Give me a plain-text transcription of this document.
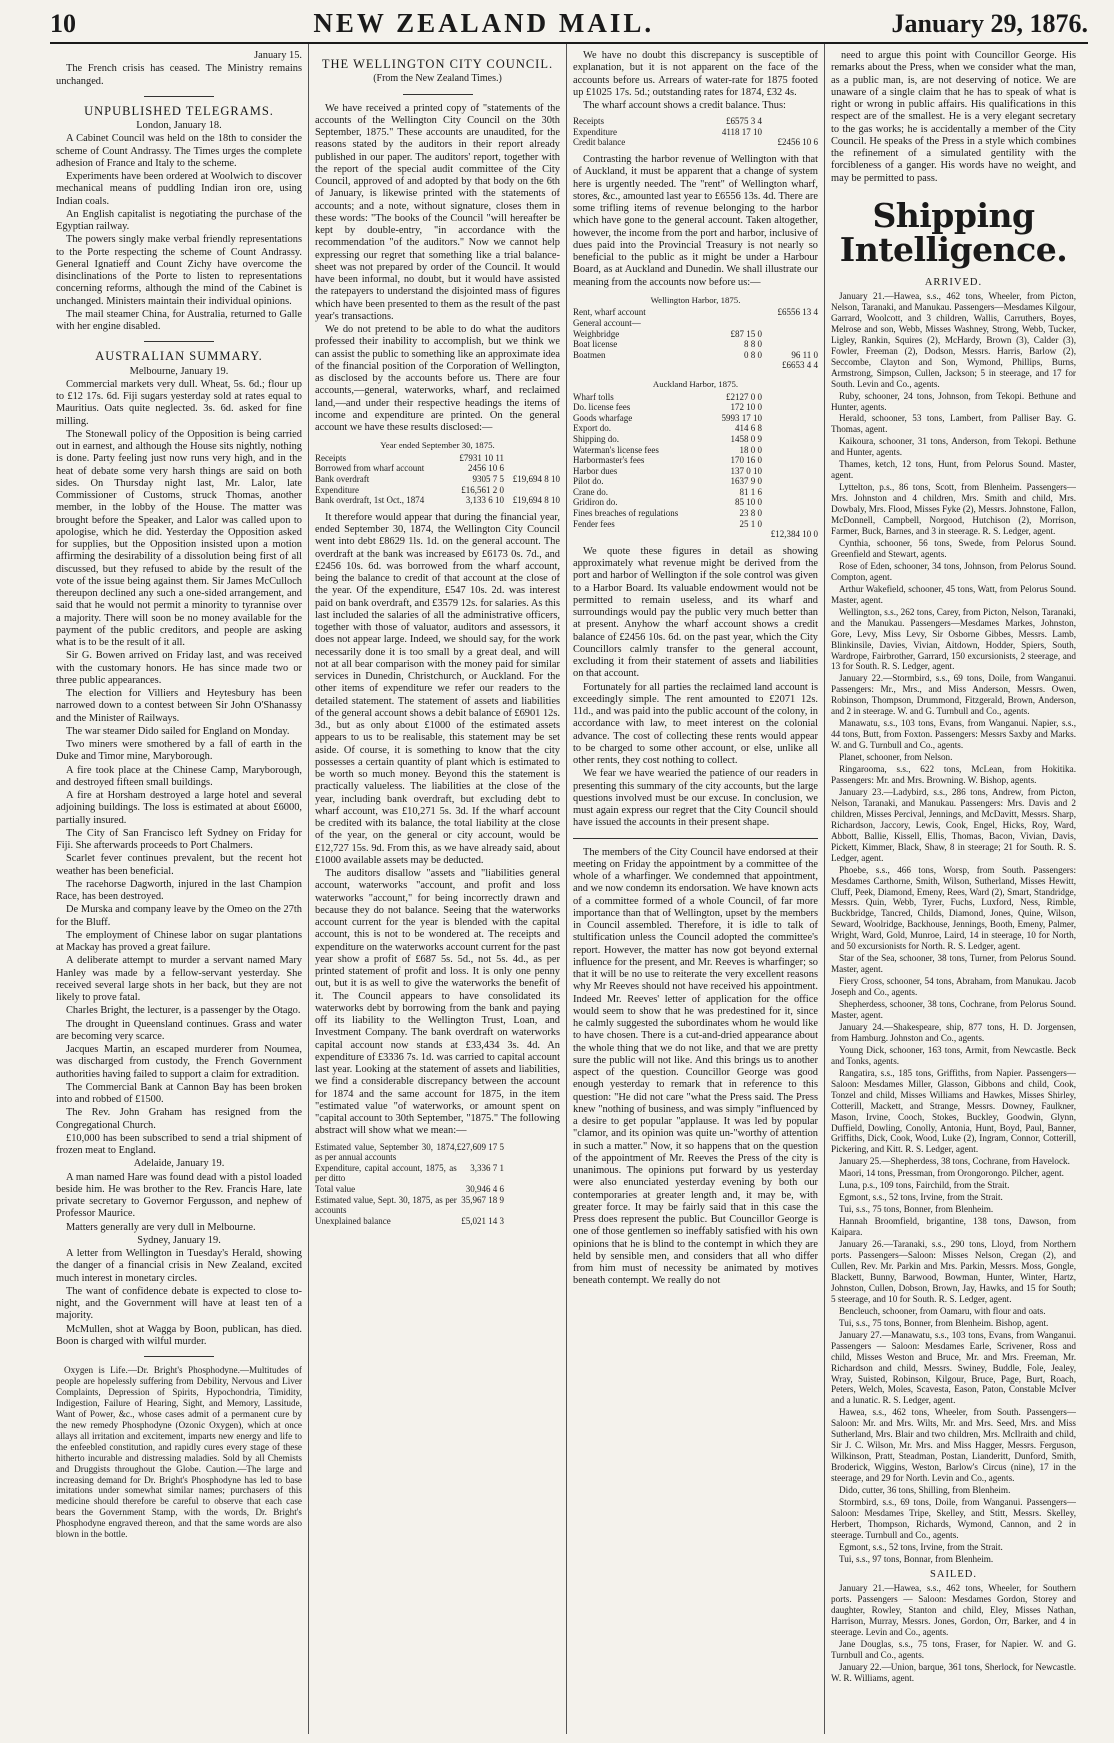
10	NEW ZEALAND MAIL.	January 29, 1876.

January 15.

The French crisis has ceased. The Ministry remains unchanged.

UNPUBLISHED TELEGRAMS.

London, January 18.

A Cabinet Council was held on the 18th to consider the scheme of Count Andrassy. The Times urges the complete adhesion of France and Italy to the scheme.

Experiments have been ordered at Woolwich to discover mechanical means of puddling Indian iron ore, using Indian coals.

An English capitalist is negotiating the purchase of the Egyptian railway.

The powers singly make verbal friendly representations to the Porte respecting the scheme of Count Andrassy. General Ignatieff and Count Zichy have overcome the disinclinations of the Porte to listen to representations concerning reforms, although the mind of the Cabinet is unchanged. Ministers maintain their individual opinions.

The mail steamer China, for Australia, returned to Galle with her engine disabled.

AUSTRALIAN SUMMARY.

Melbourne, January 19.

Commercial markets very dull. Wheat, 5s. 6d.; flour up to £12 17s. 6d. Fiji sugars yesterday sold at rates equal to Mauritius. Oats quite neglected. 3s. 6d. asked for fine milling.

The Stonewall policy of the Opposition is being carried out in earnest, and although the House sits nightly, nothing is done. Party feeling just now runs very high, and in the heat of debate some very harsh things are said on both sides. On Thursday night last, Mr. Lalor, late Commissioner of Customs, struck Thomas, another member, in the lobby of the House. The matter was brought before the Speaker, and Lalor was called upon to apologise, which he did. Yesterday the Opposition asked for supplies, but the Opposition insisted upon a motion affirming the desirability of a dissolution being first of all discussed, but they refused to abide by the result of the vote of the issue being against them. Sir James McCulloch thereupon declined any such a one-sided arrangement, and said that he would not permit a minority to tyrannise over a majority. There will soon be no money available for the payment of the public creditors, and people are asking what is to be the result of it all.

Sir G. Bowen arrived on Friday last, and was received with the customary honors. He has since made two or three public appearances.

The election for Villiers and Heytesbury has been narrowed down to a contest between Sir John O'Shanassy and the Minister of Railways.

The war steamer Dido sailed for England on Monday.

Two miners were smothered by a fall of earth in the Duke and Timor mine, Maryborough.

A fire took place at the Chinese Camp, Maryborough, and destroyed fifteen small buildings.

A fire at Horsham destroyed a large hotel and several adjoining buildings. The loss is estimated at about £6000, partially insured.

The City of San Francisco left Sydney on Friday for Fiji. She afterwards proceeds to Port Chalmers.

Scarlet fever continues prevalent, but the recent hot weather has been beneficial.

The racehorse Dagworth, injured in the last Champion Race, has been destroyed.

De Murska and company leave by the Omeo on the 27th for the Bluff.

The employment of Chinese labor on sugar plantations at Mackay has proved a great failure.

A deliberate attempt to murder a servant named Mary Hanley was made by a fellow-servant yesterday. She received several large shots in her back, but they are not likely to prove fatal.

Charles Bright, the lecturer, is a passenger by the Otago.

The drought in Queensland continues. Grass and water are becoming very scarce.

Jacques Martin, an escaped murderer from Noumea, was discharged from custody, the French Government authorities having failed to support a claim for extradition.

The Commercial Bank at Cannon Bay has been broken into and robbed of £1500.

The Rev. John Graham has resigned from the Congregational Church.

£10,000 has been subscribed to send a trial shipment of frozen meat to England.

Adelaide, January 19.

A man named Hare was found dead with a pistol loaded beside him. He was brother to the Rev. Francis Hare, late private secretary to Governor Fergusson, and nephew of Professor Maurice.

Matters generally are very dull in Melbourne.

Sydney, January 19.

A letter from Wellington in Tuesday's Herald, showing the danger of a financial crisis in New Zealand, excited much interest in monetary circles.

The want of confidence debate is expected to close to-night, and the Government will have at least ten of a majority.

McMullen, shot at Wagga by Boon, publican, has died. Boon is charged with wilful murder.

Oxygen is Life.—Dr. Bright's Phosphodyne.—Multitudes of people are hopelessly suffering from Debility, Nervous and Liver Complaints, Depression of Spirits, Hypochondria, Timidity, Indigestion, Failure of Hearing, Sight, and Memory, Lassitude, Want of Power, &c., whose cases admit of a permanent cure by the new remedy Phosphodyne (Ozonic Oxygen), which at once allays all irritation and excitement, imparts new energy and life to the enfeebled constitution, and rapidly cures every stage of these hitherto incurable and distressing maladies. Sold by all Chemists and Druggists throughout the Globe. Caution.—The large and increasing demand for Dr. Bright's Phosphodyne has led to base imitations under somewhat similar names; purchasers of this medicine should therefore be careful to observe that each case bears the Government Stamp, with the words, Dr. Bright's Phosphodyne engraved thereon, and that the same words are also blown in the bottle.

THE WELLINGTON CITY COUNCIL.
(From the New Zealand Times.)

We have received a printed copy of "statements of the accounts of the Wellington City Council on the 30th September, 1875." These accounts are unaudited, for the reasons stated by the auditors in their report already published in our paper. The auditors' report, together with the report of the special audit committee of the City Council, approved of and adopted by that body on the 6th of January, is likewise printed with the statements of accounts; and a note, without signature, closes them in these words: "The books of the Council "will hereafter be kept by double-entry, "in accordance with the recommendation "of the auditors." Now we cannot help expressing our regret that something like a trial balance-sheet was not prepared by order of the Council. It would have been informal, no doubt, but it would have assisted the ratepayers to understand the disjointed mass of figures which have been presented to them as the result of the past year's transactions.

We do not pretend to be able to do what the auditors professed their inability to accomplish, but we think we can assist the public to something like an approximate idea of the financial position of the Corporation of Wellington, as disclosed by the accounts before us. There are four accounts,—general, waterworks, wharf, and reclaimed land,—and under their respective headings the items of income and expenditure are printed. On the general account we have these results disclosed:—

Year ended September 30, 1875.		
Receipts	£7931 10 11	
Borrowed from wharf account	2456 10 6	
Bank overdraft	9305 7 5	£19,694 8 10
Expenditure	£16,561 2 0	
Bank overdraft, 1st Oct., 1874	3,133 6 10	£19,694 8 10

It therefore would appear that during the financial year, ended September 30, 1874, the Wellington City Council went into debt £8629 1ls. 1d. on the general account. The overdraft at the bank was increased by £6173 0s. 7d., and £2456 10s. 6d. was borrowed from the wharf account, being the balance to credit of that account at the close of the year. Of the expenditure, £547 10s. 2d. was interest paid on bank overdraft, and £3579 12s. for salaries. As this last included the salaries of all the administrative officers, together with those of valuator, auditors and assessors, it does not appear large. Indeed, we should say, for the work necessarily done it is too small by a great deal, and will not at all bear comparison with the money paid for similar services in Dunedin, Christchurch, or Auckland. For the other items of expenditure we refer our readers to the detailed statement. The statement of assets and liabilities of the general account shows a debit balance of £6901 12s. 3d., but as only about £1000 of the estimated assets appears to us to be realisable, this statement may be set aside. Of course, it is something to know that the city possesses a certain quantity of plant which is estimated to be worth so much money. Beyond this the statement is practically valueless. The liabilities at the close of the year, including bank overdraft, but excluding debt to wharf account, was £10,271 5s. 3d. If the wharf account be credited with its balance, the total liability at the close of the year, on the general or city account, would be £12,727 15s. 9d. From this, as we have already said, about £1000 available assets may be deducted.

The auditors disallow "assets and "liabilities general account, waterworks "account, and profit and loss waterworks "account," for being incorrectly drawn and because they do not balance. Seeing that the waterworks account current for the year is blended with the capital account, this is not to be wondered at. The receipts and expenditure on the waterworks account current for the past year show a profit of £687 5s. 5d., not 5s. 4d., as per printed statement of profit and loss. It is only one penny out, but it is as well to give the waterworks the benefit of it. The Council appears to have consolidated its waterworks debt by borrowing from the bank and paying off its liability to the Wellington Trust, Loan, and Investment Company. The bank overdraft on waterworks capital account now stands at £33,434 3s. 4d. An expenditure of £3336 7s. 1d. was carried to capital account last year. Looking at the statement of assets and liabilities, we find a considerable discrepancy between the account for 1874 and the same account for 1875, in the item "estimated value "of waterworks, or amount spent on "capital account to 30th September, "1875." The following abstract will show what we mean:—

Estimated value, September 30, 1874, as per annual accounts	£27,609 17 5	
Expenditure, capital account, 1875, as per ditto	3,336 7 1	
Total value	30,946 4 6	
Estimated value, Sept. 30, 1875, as per accounts	35,967 18 9	
Unexplained balance	£5,021 14 3	

We have no doubt this discrepancy is susceptible of explanation, but it is not apparent on the face of the accounts before us. Arrears of water-rate for 1875 footed up £1025 17s. 5d.; outstanding rates for 1874, £32 4s.

The wharf account shows a credit balance. Thus:

Receipts	£6575 3 4	
Expenditure	4118 17 10	
Credit balance		£2456 10 6

Contrasting the harbor revenue of Wellington with that of Auckland, it must be apparent that a change of system here is urgently needed. The "rent" of Wellington wharf, stores, &c., amounted last year to £6556 13s. 4d. There are some trifling items of revenue belonging to the harbor which have gone to the general account. Taken altogether, however, the income from the port and harbor, inclusive of dues paid into the Provincial Treasury is not nearly so beneficial to the public as it might be under a Harbour Board, as at Auckland and Dunedin. We shall illustrate our meaning from the accounts now before us:—

Wellington Harbor, 1875.		
Rent, wharf account		£6556 13 4
General account—		
Weighbridge	£87 15 0	
Boat license	8 8 0	
Boatmen	0 8 0	96 11 0
		£6653 4 4
Auckland Harbor, 1875.		
Wharf tolls	£2127 0 0	
Do. license fees	172 10 0	
Goods wharfage	5993 17 10	
Export do.	414 6 8	
Shipping do.	1458 0 9	
Waterman's license fees	18 0 0	
Harbormaster's fees	170 16 0	
Harbor dues	137 0 10	
Pilot do.	1637 9 0	
Crane do.	81 1 6	
Gridiron do.	85 10 0	
Fines breaches of regulations	23 8 0	
Fender fees	25 1 0	
		£12,384 10 0

We quote these figures in detail as showing approximately what revenue might be derived from the port and harbor of Wellington if the sole control was given to a Harbor Board. Its valuable endowment would not be permitted to remain useless, and its wharf and surroundings would pay the public very much better than at present. Anyhow the wharf account shows a credit balance of £2456 10s. 6d. on the past year, which the City Councillors calmly transfer to the general account, excluding it from their statement of assets and liabilities on that account.

Fortunately for all parties the reclaimed land account is exceedingly simple. The rent amounted to £2071 12s. 11d., and was paid into the public account of the colony, in accordance with law, to meet interest on the colonial advance. The cost of collecting these rents would appear to be charged to some other account, or else, unlike all other rents, they cost nothing to collect.

We fear we have wearied the patience of our readers in presenting this summary of the city accounts, but the large questions involved must be our excuse. In conclusion, we must again express our regret that the City Council should have issued the accounts in their present shape.

The members of the City Council have endorsed at their meeting on Friday the appointment by a committee of the whole of a wharfinger. We condemned that appointment, and we now condemn its endorsation. We have known acts of a committee formed of a whole Council, of far more importance than that of Wellington, upset by the members in Council assembled. Therefore, it is idle to talk of stultification unless the Council adopted the committee's report. However, the matter has now got beyond external influence for the present, and Mr. Reeves is wharfinger; so that it will be no use to reiterate the very excellent reasons why Mr Reeves should not have received his appointment. Indeed Mr. Reeves' letter of application for the office would seem to show that he was predestined for it, since he calmly suggested the subordinates whom he would like to have chosen. There is a cut-and-dried appearance about the whole thing that we do not like, and that we are pretty sure the public will not like. And this brings us to another aspect of the question. Councillor George was good enough yesterday to remark that in reference to this question: "He did not care "what the Press said. The Press knew "nothing of business, and was simply "influenced by a desire to get popular "applause. It was led by popular "clamor, and its opinion was quite un-"worthy of attention in such a matter." Now, it so happens that on the question of the appointment of Mr. Reeves the Press of the city is unanimous. The opinions put forward by us yesterday were also enunciated yesterday evening by both our contemporaries at greater length and, it may be, with greater force. It may be fairly said that in this case the Press does represent the public. But Councillor George is one of those gentlemen so ineffably satisfied with his own opinions that he is blind to the contempt in which they are held by sensible men, and considers that all who differ from him must of necessity be animated by motives beneath contempt. We really do not

need to argue this point with Councillor George. His remarks about the Press, when we consider what the man, as a public man, is, are not deserving of notice. We are unaware of a single claim that he has to speak of what is right or wrong in public affairs. His qualifications in this respect are of the smallest. He is a very elegant secretary to the gas works; he is accidentally a member of the City Council. He speaks of the Press in a style which combines the refinement of a simulated gentility with the forcibleness of a ganger. His words have no weight, and may be permitted to pass.

Shipping Intelligence.
ARRIVED.

January 21.—Hawea, s.s., 462 tons, Wheeler, from Picton, Nelson, Taranaki, and Manukau. Passengers—Mesdames Kilgour, Garrard, Woolcott, and 3 children, Wallis, Carruthers, Boyes, Melrose and son, Webb, Misses Washney, Strong, Webb, Tucker, Ligley, Rankin, Squires (2), McHardy, Brown (3), Calder (3), Fowler, Freeman (2), Dodson, Messrs. Harris, Barlow (2), Seccombe, Clayton and Son, Wymond, Phillips, Burns, Armstrong, Simpson, Cullen, Jackson; 5 in steerage, and 17 for South. Levin and Co., agents.

Ruby, schooner, 24 tons, Johnson, from Tekopi. Bethune and Hunter, agents.

Herald, schooner, 53 tons, Lambert, from Palliser Bay. G. Thomas, agent.

Kaikoura, schooner, 31 tons, Anderson, from Tekopi. Bethune and Hunter, agents.

Thames, ketch, 12 tons, Hunt, from Pelorus Sound. Master, agent.

Lyttelton, p.s., 86 tons, Scott, from Blenheim. Passengers—Mrs. Johnston and 4 children, Mrs. Smith and child, Mrs. Dowbaly, Mrs. Flood, Misses Fyke (2), Messrs. Johnstone, Fallon, McDonnell, Campbell, Norgood, Hutchison (2), Morrison, Farmer, Buck, Barnes, and 3 in steerage. R. S. Ledger, agent.

Cynthia, schooner, 56 tons, Swede, from Pelorus Sound. Greenfield and Stewart, agents.

Rose of Eden, schooner, 34 tons, Johnson, from Pelorus Sound. Compton, agent.

Arthur Wakefield, schooner, 45 tons, Watt, from Pelorus Sound. Master, agent.

Wellington, s.s., 262 tons, Carey, from Picton, Nelson, Taranaki, and the Manukau. Passengers—Mesdames Markes, Johnston, Gore, Levy, Miss Levy, Sir Osborne Gibbes, Messrs. Lamb, Blinkinsile, Davies, Vivian, Aitdown, Hodder, Spiers, South, Wardrope, Fairbrother, Garrard, 150 excursionists, 2 steerage, and 13 for South. R. S. Ledger, agent.

January 22.—Stormbird, s.s., 69 tons, Doile, from Wanganui. Passengers: Mr., Mrs., and Miss Anderson, Messrs. Owen, Robinson, Thompson, Drummond, Fitzgerald, Brown, Anderson, and 2 in steerage. W. and G. Turnbull and Co., agents.

Manawatu, s.s., 103 tons, Evans, from Wanganui. Napier, s.s., 44 tons, Butt, from Foxton. Passengers: Messrs Saxby and Marks. W. and G. Turnbull and Co., agents.

Planet, schooner, from Nelson.

Ringarooma, s.s., 622 tons, McLean, from Hokitika. Passengers: Mr. and Mrs. Browning. W. Bishop, agents.

January 23.—Ladybird, s.s., 286 tons, Andrew, from Picton, Nelson, Taranaki, and Manukau. Passengers: Mrs. Davis and 2 children, Misses Percival, Jennings, and McDavitt, Messrs. Sharp, Richardson, Jaccory, Lewis, Cook, Engel, Hicks, Roy, Ward, Abbott, Ballie, Kissell, Ellis, Thomas, Bacon, Vivian, Davis, Pickett, Kimmer, Black, Shaw, 8 in steerage; 21 for South. R. S. Ledger, agent.

Phoebe, s.s., 466 tons, Worsp, from South. Passengers: Mesdames Carthorne, Smith, Wilson, Sutherland, Misses Hewitt, Cluff, Peek, Diamond, Emeny, Rees, Ward (2), Smart, Standridge, Messrs. Quin, Webb, Tyrer, Fuchs, Luxford, Ness, Rimble, Buckbridge, Tancred, Childs, Diamond, Jones, Quine, Wilson, Seward, Woolridge, Backhouse, Jennings, Booth, Emeny, Palmer, Wright, Ward, Gold, Munroe, Laird, 14 in steerage, 10 for North, and 50 excursionists for North. R. S. Ledger, agent.

Star of the Sea, schooner, 38 tons, Turner, from Pelorus Sound. Master, agent.

Fiery Cross, schooner, 54 tons, Abraham, from Manukau. Jacob Joseph and Co., agents.

Shepherdess, schooner, 38 tons, Cochrane, from Pelorus Sound. Master, agent.

January 24.—Shakespeare, ship, 877 tons, H. D. Jorgensen, from Hamburg. Johnston and Co., agents.

Young Dick, schooner, 163 tons, Armit, from Newcastle. Beck and Tonks, agents.

Rangatira, s.s., 185 tons, Griffiths, from Napier. Passengers—Saloon: Mesdames Miller, Glasson, Gibbons and child, Cook, Tonzel and child, Misses Williams and Hawkes, Misses Shirley, Cotterill, Mackett, and Strange, Messrs. Downey, Faulkner, Mason, Irvine, Cooch, Stokes, Buckley, Goodwin, Glynn, Duffield, Dowling, Conolly, Antonia, Hunt, Boyd, Paul, Banner, Griffiths, Dick, Cook, Wood, Luke (2), Ingram, Connor, Cotterill, Pickering, and Kitt. R. S. Ledger, agent.

January 25.—Shepherdess, 38 tons, Cochrane, from Havelock.

Maori, 14 tons, Pressman, from Orongorongo. Pilcher, agent.

Luna, p.s., 109 tons, Fairchild, from the Strait.

Egmont, s.s., 52 tons, Irvine, from the Strait.

Tui, s.s., 75 tons, Bonner, from Blenheim.

Hannah Broomfield, brigantine, 138 tons, Dawson, from Kaipara.

January 26.—Taranaki, s.s., 290 tons, Lloyd, from Northern ports. Passengers—Saloon: Misses Nelson, Cregan (2), and Cullen, Rev. Mr. Parkin and Mrs. Parkin, Messrs. Moss, Gongle, Blackett, Bunny, Barwood, Bowman, Hunter, Winter, Hartz, Johnston, Cullen, Dobson, Brown, Jay, Hawks, and 15 for South; 5 steerage, and 10 for South. R. S. Ledger, agent.

Bencleuch, schooner, from Oamaru, with flour and oats.

Tui, s.s., 75 tons, Bonner, from Blenheim. Bishop, agent.

January 27.—Manawatu, s.s., 103 tons, Evans, from Wanganui. Passengers — Saloon: Mesdames Earle, Scrivener, Ross and child, Misses Weston and Bruce, Mr. and Mrs. Freeman, Mr. Richardson and child, Messrs. Swiney, Buddle, Fole, Jealey, Wray, Suisted, Robinson, Kilgour, Bruce, Page, Burt, Roach, Peters, Welch, Moles, Scavesta, Eason, Paton, Constable McIver and a lunatic. R. S. Ledger, agent.

Hawea, s.s., 462 tons, Wheeler, from South. Passengers—Saloon: Mr. and Mrs. Wilts, Mr. and Mrs. Seed, Mrs. and Miss Sutherland, Mrs. Blair and two children, Mrs. McIlraith and child, Sir J. C. Wilson, Mr. Mrs. and Miss Hagger, Messrs. Ferguson, Wilkinson, Pratt, Steadman, Postan, Lianderitt, Dunford, Smith, Broderick, Wiggins, Weston, Barlow's Circus (nine), 17 in the steerage, and 29 for North. Levin and Co., agents.

Dido, cutter, 36 tons, Shilling, from Blenheim.

Stormbird, s.s., 69 tons, Doile, from Wanganui. Passengers—Saloon: Mesdames Tripe, Skelley, and Stitt, Messrs. Skelley, Herbert, Thompson, Richards, Wymond, Cannon, and 2 in steerage. Turnbull and Co., agents.

Egmont, s.s., 52 tons, Irvine, from the Strait.

Tui, s.s., 97 tons, Bonnar, from Blenheim.

SAILED.

January 21.—Hawea, s.s., 462 tons, Wheeler, for Southern ports. Passengers — Saloon: Mesdames Gordon, Storey and daughter, Rowley, Stanton and child, Eley, Misses Nathan, Harrison, Murray, Messrs. Jones, Gordon, Orr, Barker, and 4 in steerage. Levin and Co., agents.

Jane Douglas, s.s., 75 tons, Fraser, for Napier. W. and G. Turnbull and Co., agents.

January 22.—Union, barque, 361 tons, Sherlock, for Newcastle. W. R. Williams, agent.
